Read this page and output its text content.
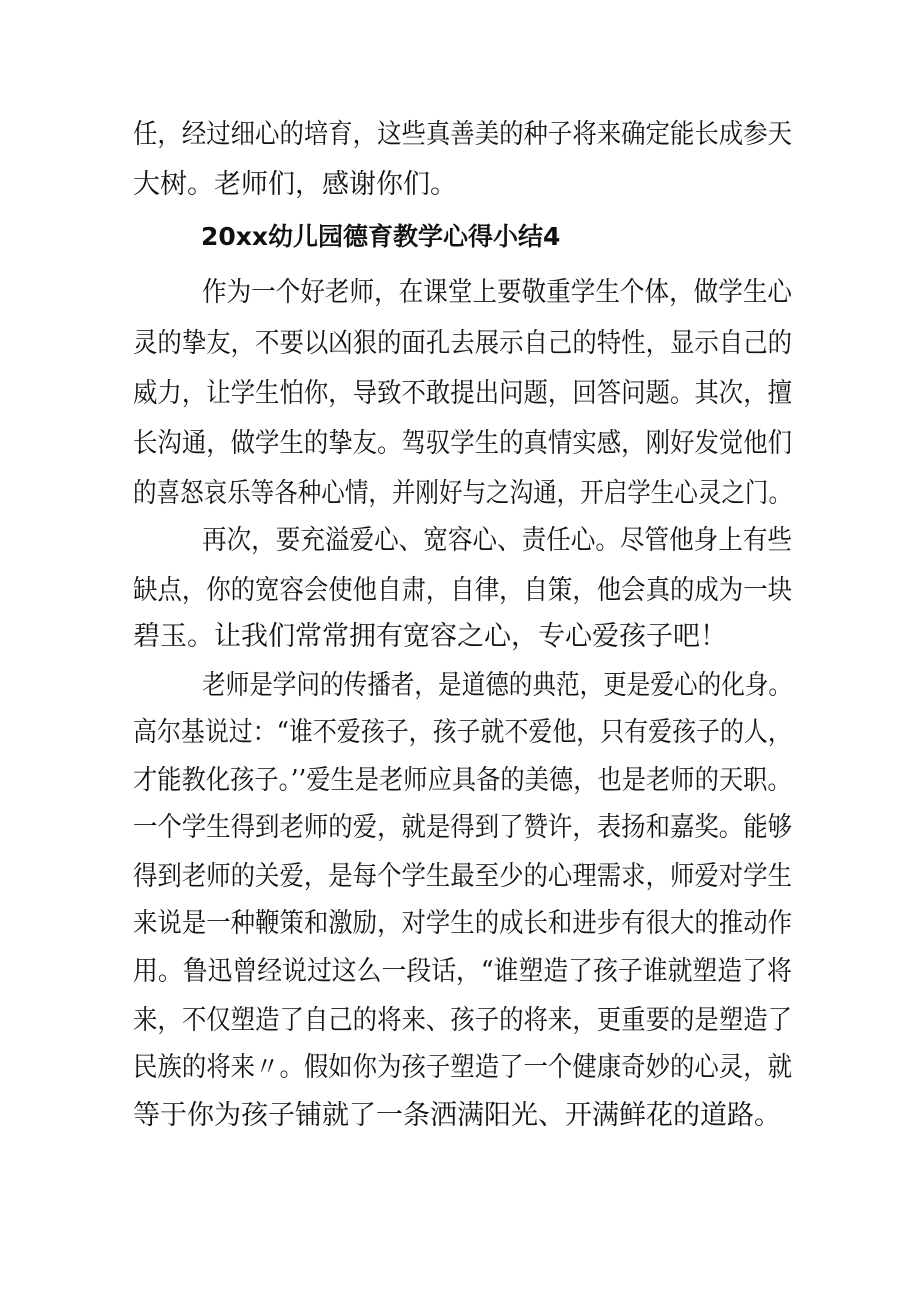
任，经过细心的培育，这些真善美的种子将来确定能长成参天
大树。老师们，感谢你们。
20xx幼儿园德育教学心得小结4
作为一个好老师，在课堂上要敬重学生个体，做学生心
灵的挚友，不要以凶狠的面孔去展示自己的特性，显示自己的
威力，让学生怕你，导致不敢提出问题，回答问题。其次，擅
长沟通，做学生的挚友。驾驭学生的真情实感，刚好发觉他们
的喜怒哀乐等各种心情，并刚好与之沟通，开启学生心灵之门。
再次，要充溢爱心、宽容心、责任心。尽管他身上有些
缺点，你的宽容会使他自肃，自律，自策，他会真的成为一块
碧玉。让我们常常拥有宽容之心，专心爱孩子吧！
老师是学问的传播者，是道德的典范，更是爱心的化身。
高尔基说过：“谁不爱孩子，孩子就不爱他，只有爱孩子的人，
才能教化孩子。’’爱生是老师应具备的美德，也是老师的天职。
一个学生得到老师的爱，就是得到了赞许，表扬和嘉奖。能够
得到老师的关爱，是每个学生最至少的心理需求，师爱对学生
来说是一种鞭策和激励，对学生的成长和进步有很大的推动作
用。鲁迅曾经说过这么一段话，“谁塑造了孩子谁就塑造了将
来，不仅塑造了自己的将来、孩子的将来，更重要的是塑造了
民族的将来〃。假如你为孩子塑造了一个健康奇妙的心灵，就
等于你为孩子铺就了一条洒满阳光、开满鲜花的道路。
